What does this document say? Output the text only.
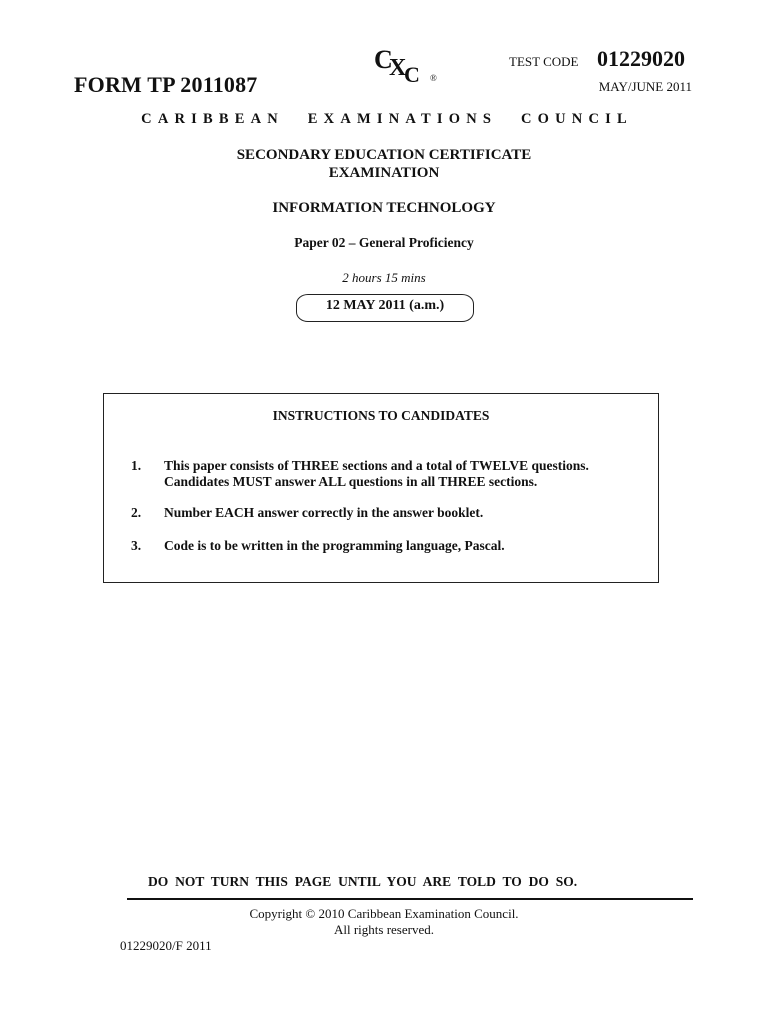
FORM TP 2011087
C
X
C ®
TEST CODE 01229020
MAY/JUNE 2011
CARIBBEAN EXAMINATIONS COUNCIL
SECONDARY EDUCATION CERTIFICATE
EXAMINATION
INFORMATION TECHNOLOGY
Paper 02 – General Proficiency
2 hours 15 mins
12 MAY 2011 (a.m.)
INSTRUCTIONS TO CANDIDATES
1. This paper consists of THREE sections and a total of TWELVE questions.
Candidates MUST answer ALL questions in all THREE sections.
2. Number EACH answer correctly in the answer booklet.
3. Code is to be written in the programming language, Pascal.
DO NOT TURN THIS PAGE UNTIL YOU ARE TOLD TO DO SO.
Copyright © 2010 Caribbean Examination Council.
All rights reserved.
01229020/F 2011
